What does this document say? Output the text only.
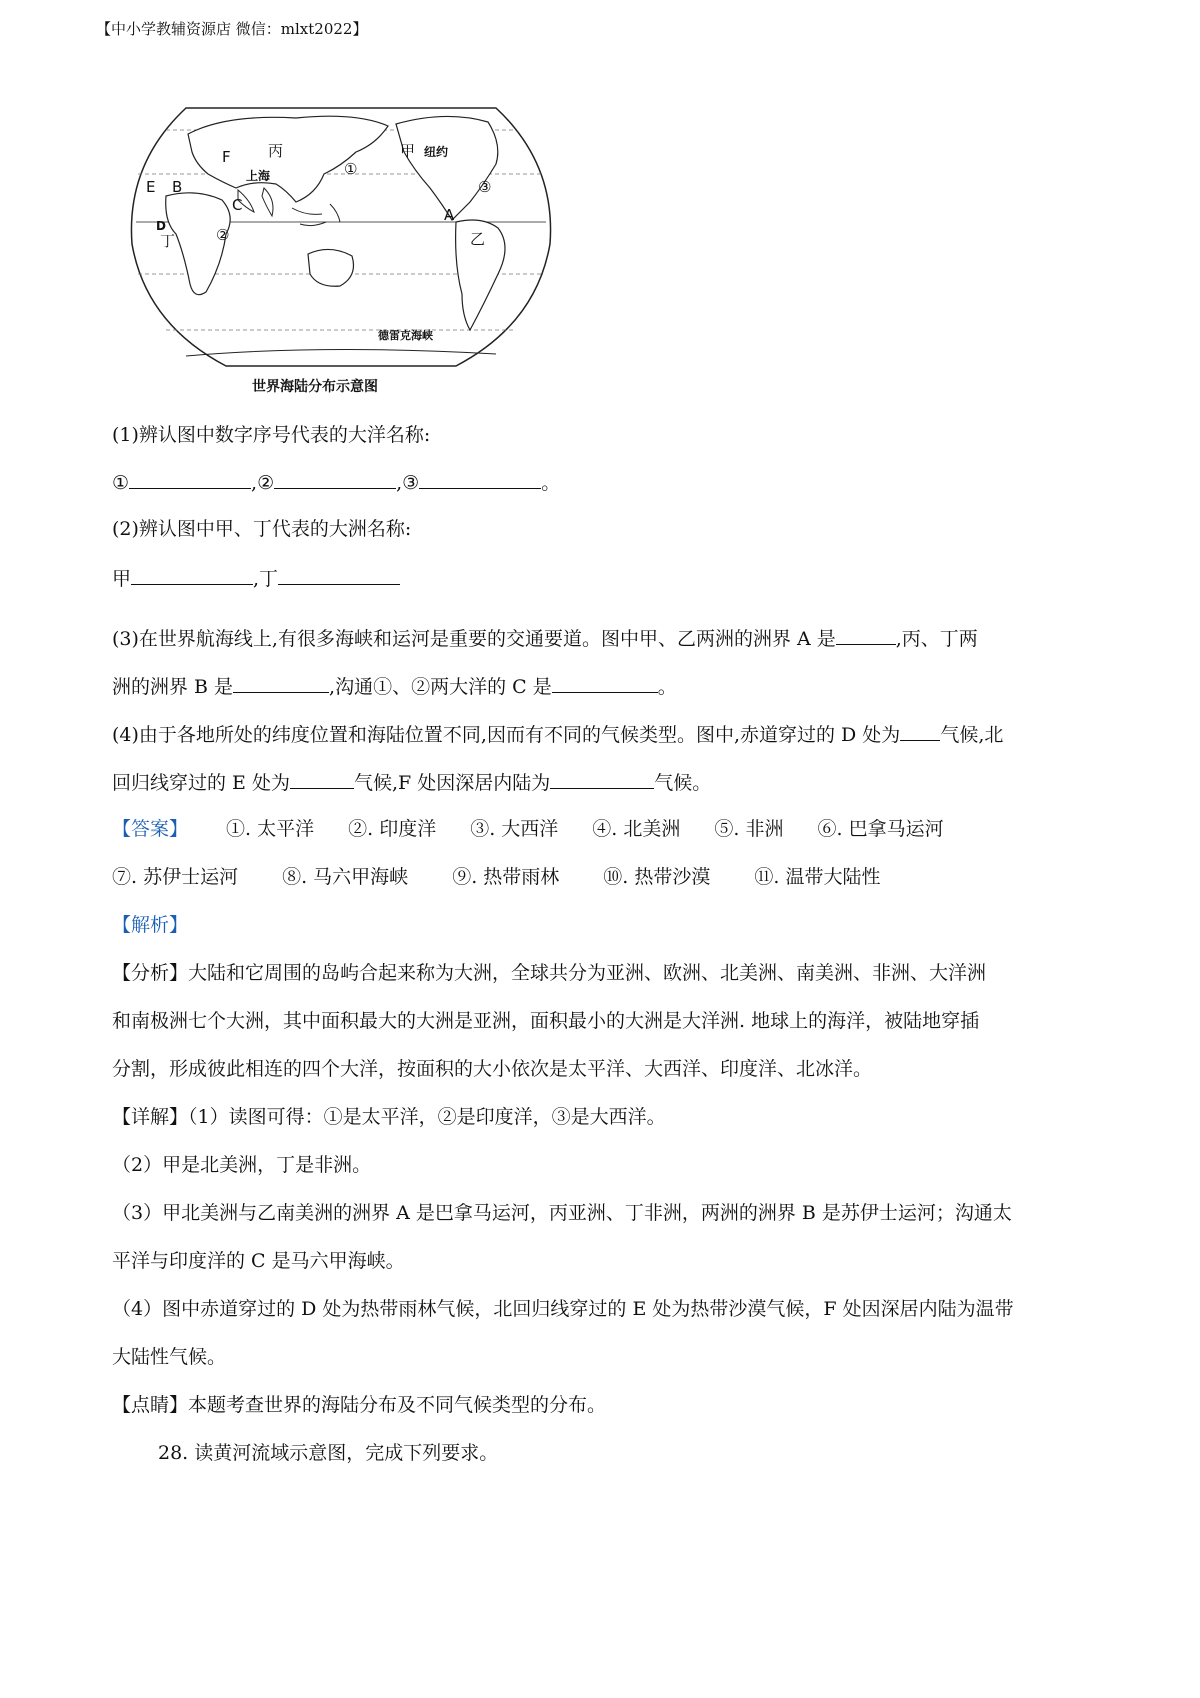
【中小学教辅资源店 微信：mlxt2022】
F 丙
①
甲 纽约
上海
E B	③
C
A
D
丁	②	乙
德雷克海峡
世界海陆分布示意图
(1)辨认图中数字序号代表的大洋名称:
①	,②	,③	。
(2)辨认图中甲、丁代表的大洲名称:
甲	,丁
(3)在世界航海线上,有很多海峡和运河是重要的交通要道。图中甲、乙两洲的洲界 A 是	,丙、丁两
洲的洲界 B 是	,沟通①、②两大洋的 C 是	。
(4)由于各地所处的纬度位置和海陆位置不同,因而有不同的气候类型。图中,赤道穿过的 D 处为 气候,北
回归线穿过的 E 处为	气候,F 处因深居内陆为	气候。
【答案】 ①. 太平洋 ②. 印度洋 ③. 大西洋 ④. 北美洲 ⑤. 非洲 ⑥. 巴拿马运河
⑦. 苏伊士运河 ⑧. 马六甲海峡 ⑨. 热带雨林 ⑩. 热带沙漠 ⑪. 温带大陆性
【解析】
【分析】大陆和它周围的岛屿合起来称为大洲，全球共分为亚洲、欧洲、北美洲、南美洲、非洲、大洋洲
和南极洲七个大洲，其中面积最大的大洲是亚洲，面积最小的大洲是大洋洲. 地球上的海洋，被陆地穿插
分割，形成彼此相连的四个大洋，按面积的大小依次是太平洋、大西洋、印度洋、北冰洋。
【详解】（1）读图可得：①是太平洋，②是印度洋，③是大西洋。
（2）甲是北美洲，丁是非洲。
（3）甲北美洲与乙南美洲的洲界 A 是巴拿马运河，丙亚洲、丁非洲，两洲的洲界 B 是苏伊士运河；沟通太
平洋与印度洋的 C 是马六甲海峡。
（4）图中赤道穿过的 D 处为热带雨林气候，北回归线穿过的 E 处为热带沙漠气候，F 处因深居内陆为温带
大陆性气候。
【点睛】本题考查世界的海陆分布及不同气候类型的分布。
28. 读黄河流域示意图，完成下列要求。
